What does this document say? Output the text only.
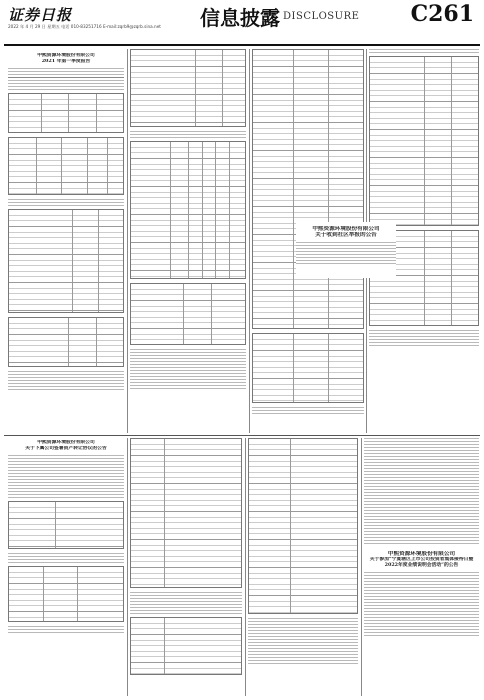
证券日报
2022 年 4 月 29 日 星期五 电话 010-83251716 E-mail:zqrb9@zqrb.sina.net 信息披露 DISCLOSURE C261
中熙资源环境股份有限公司
2021 年第一季度报告
中熙资源环境股份有限公司
关于收到社区举报的公告
中熙资源环境股份有限公司
关于下属公司签署资产转让协议的公告
中熙资源环境股份有限公司
关于参加“宁夏辖区上市公司投资者集体接待日暨2022年度业绩说明会活动”的公告
